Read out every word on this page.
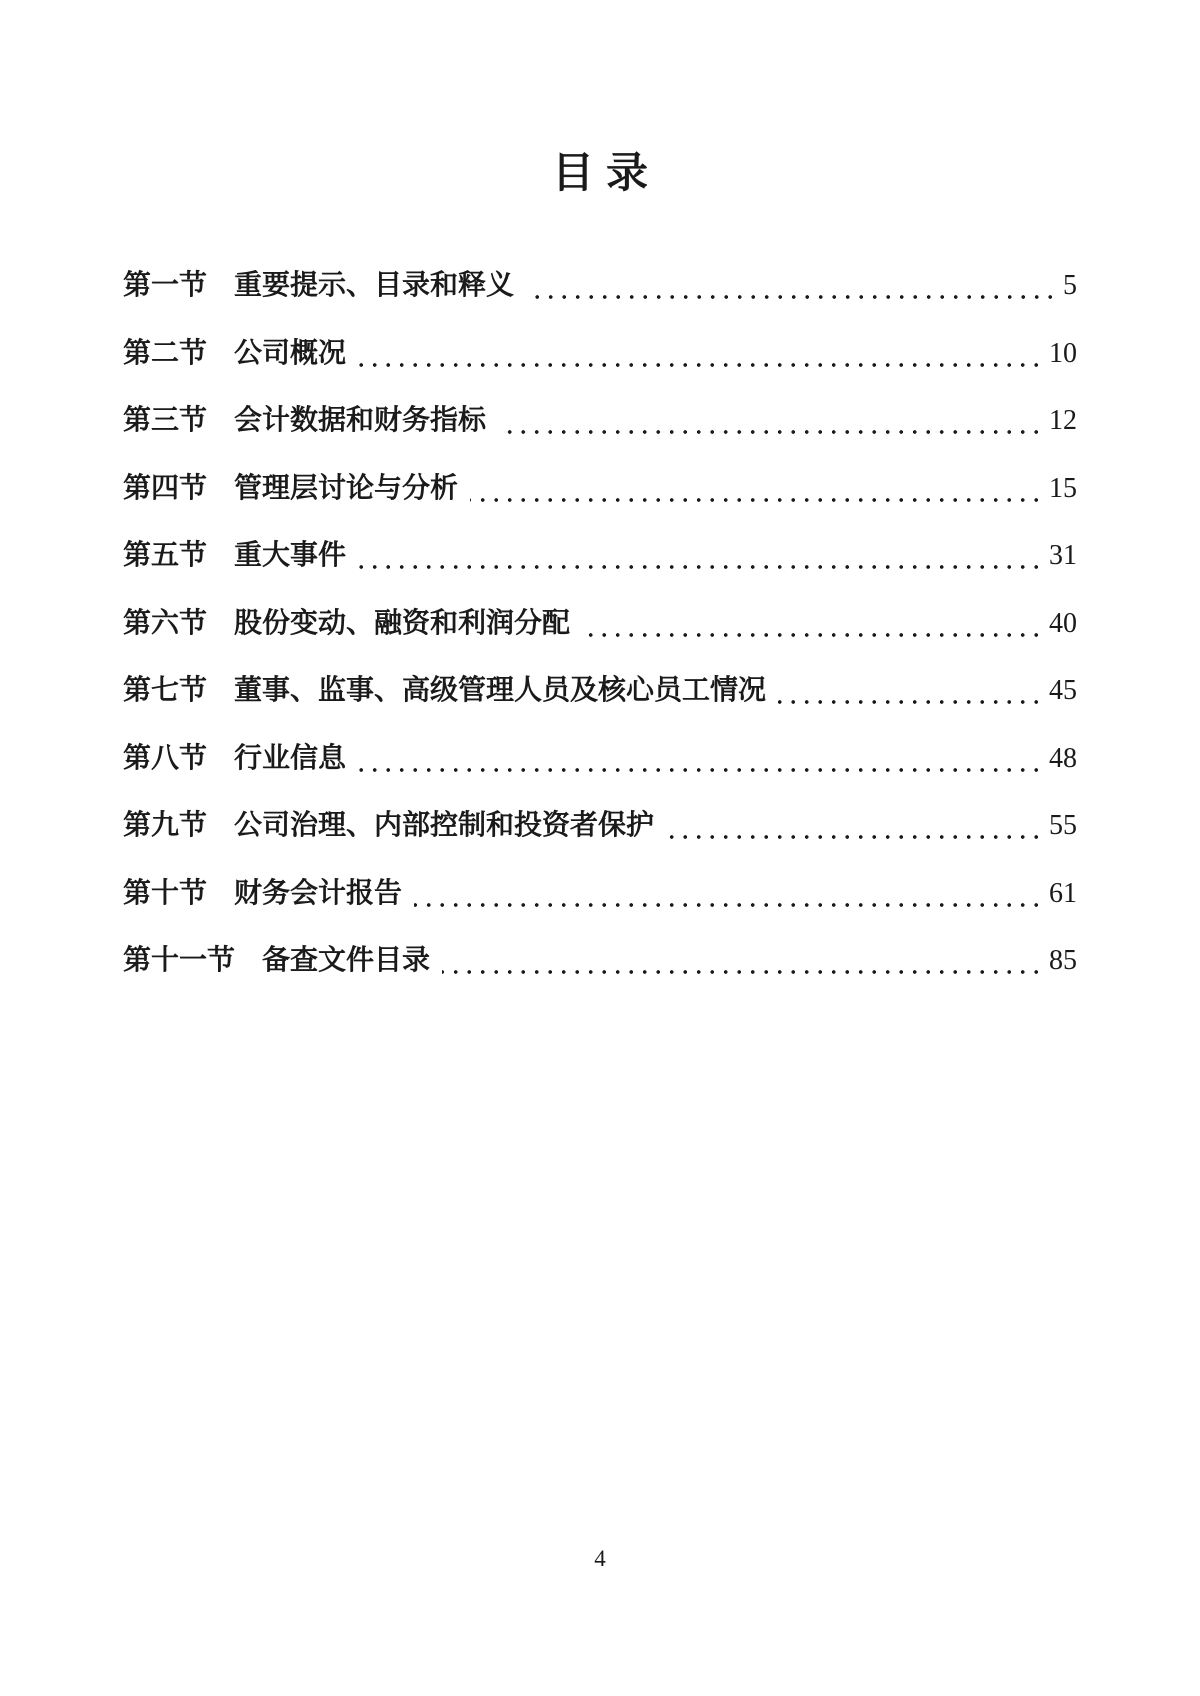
目录
第一节 重要提示、目录和释义	5
第二节 公司概况	10
第三节 会计数据和财务指标	12
第四节 管理层讨论与分析	15
第五节 重大事件	31
第六节 股份变动、融资和利润分配	40
第七节 董事、监事、高级管理人员及核心员工情况	45
第八节 行业信息	48
第九节 公司治理、内部控制和投资者保护	55
第十节 财务会计报告	61
第十一节 备查文件目录	85
4
